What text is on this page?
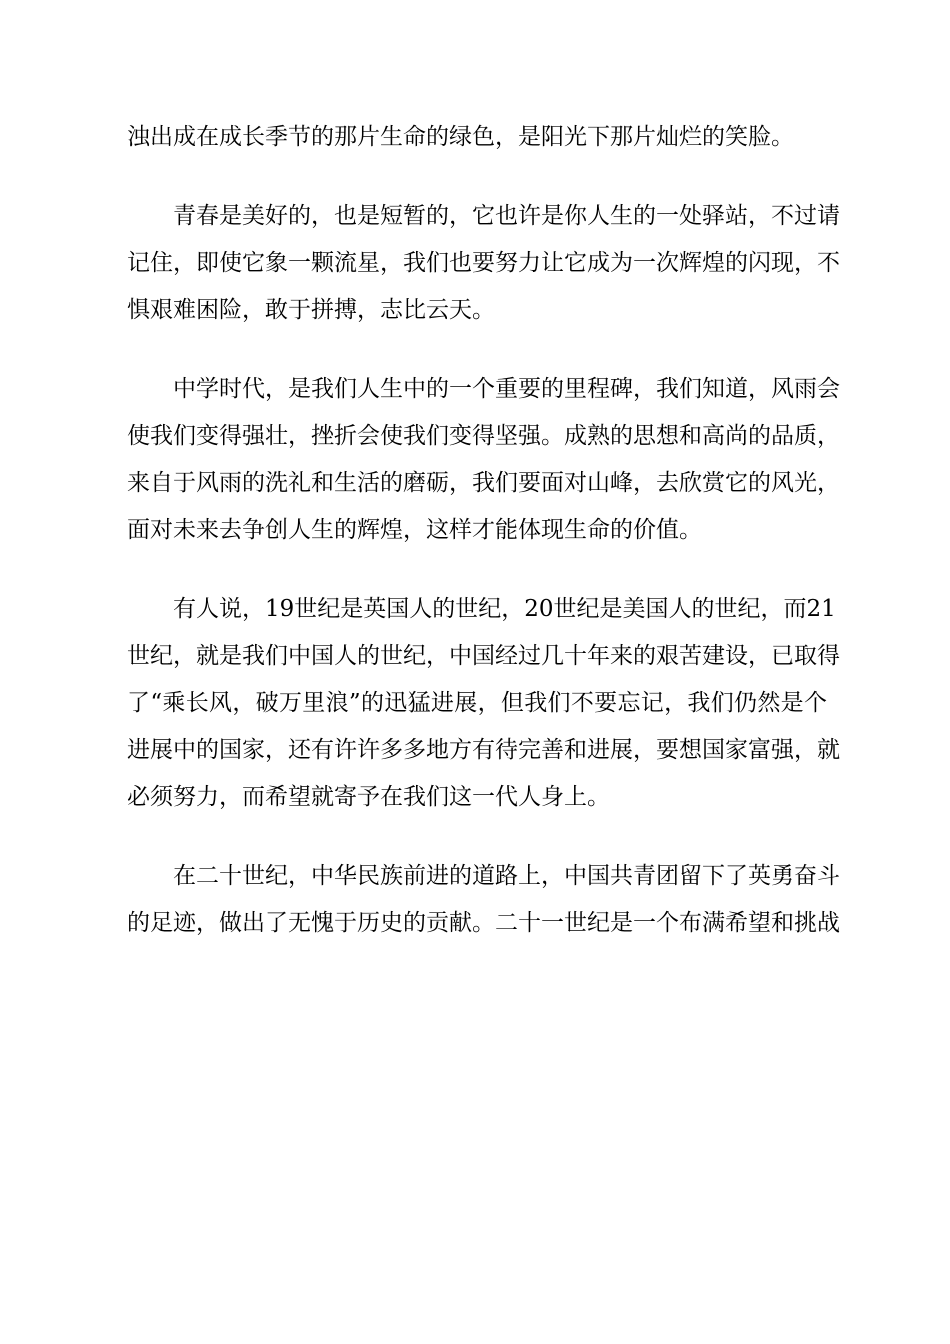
浊出成在成长季节的那片生命的绿色，是阳光下那片灿烂的笑脸。
青春是美好的，也是短暂的，它也许是你人生的一处驿站，不过请
记住，即使它象一颗流星，我们也要努力让它成为一次辉煌的闪现，不
惧艰难困险，敢于拼搏，志比云天。
中学时代，是我们人生中的一个重要的里程碑，我们知道，风雨会
使我们变得强壮，挫折会使我们变得坚强。成熟的思想和高尚的品质，
来自于风雨的洗礼和生活的磨砺，我们要面对山峰，去欣赏它的风光，
面对未来去争创人生的辉煌，这样才能体现生命的价值。
有人说，19世纪是英国人的世纪，20世纪是美国人的世纪，而21
世纪，就是我们中国人的世纪，中国经过几十年来的艰苦建设，已取得
了“乘长风，破万里浪”的迅猛进展，但我们不要忘记，我们仍然是个
进展中的国家，还有许许多多地方有待完善和进展，要想国家富强，就
必须努力，而希望就寄予在我们这一代人身上。
在二十世纪，中华民族前进的道路上，中国共青团留下了英勇奋斗
的足迹，做出了无愧于历史的贡献。二十一世纪是一个布满希望和挑战
